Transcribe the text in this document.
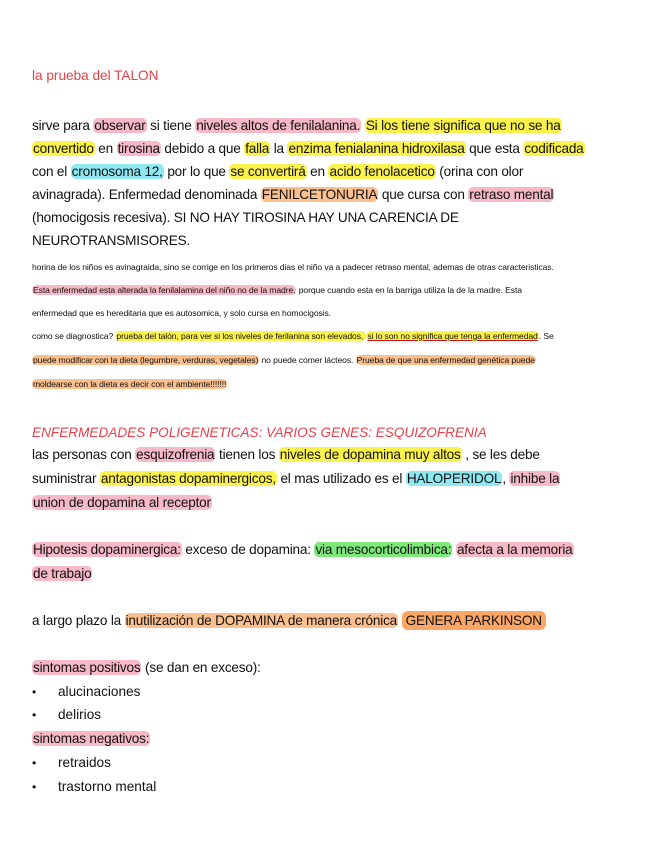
la prueba del TALON
sirve para observar si tiene niveles altos de fenilalanina. Si los tiene significa que no se ha
convertido en tirosina debido a que falla la enzima fenialanina hidroxilasa que esta codificada
con el cromosoma 12, por lo que se convertirá en acido fenolacetico (orina con olor
avinagrada). Enfermedad denominada FENILCETONURIA que cursa con retraso mental
(homocigosis recesiva). SI NO HAY TIROSINA HAY UNA CARENCIA DE
NEUROTRANSMISORES.
horina de los niños es avinagraida, sino se corrige en los primeros dias el niño va a padecer retraso mental, ademas de otras caracteristicas.
Esta enfermedad esta alterada la fenilalamina del niño no de la madre, porque cuando esta en la barriga utiliza la de la madre. Esta
enfermedad que es hereditaria que es autosomica, y solo cursa en homocigosis.
como se diagnostica? prueba del talón, para ver si los niveles de ferilanina son elevados, si lo son no significa que tenga la enfermedad. Se
puede modificar con la dieta (legumbre, verduras, vegetales) no puede comer lácteos. Prueba de que una enfermedad genética puede
moldearse con la dieta es decir con el ambiente!!!!!!!
ENFERMEDADES POLIGENETICAS: VARIOS GENES: ESQUIZOFRENIA
las personas con esquizofrenia tienen los niveles de dopamina muy altos , se les debe
suministrar antagonistas dopaminergicos, el mas utilizado es el HALOPERIDOL, inhibe la
union de dopamina al receptor
Hipotesis dopaminergica: exceso de dopamina: via mesocorticolimbica: afecta a la memoria
de trabajo
a largo plazo la inutilización de DOPAMINA de manera crónica GENERA PARKINSON
sintomas positivos (se dan en exceso):
• alucinaciones
• delirios
sintomas negativos:
• retraidos
• trastorno mental
